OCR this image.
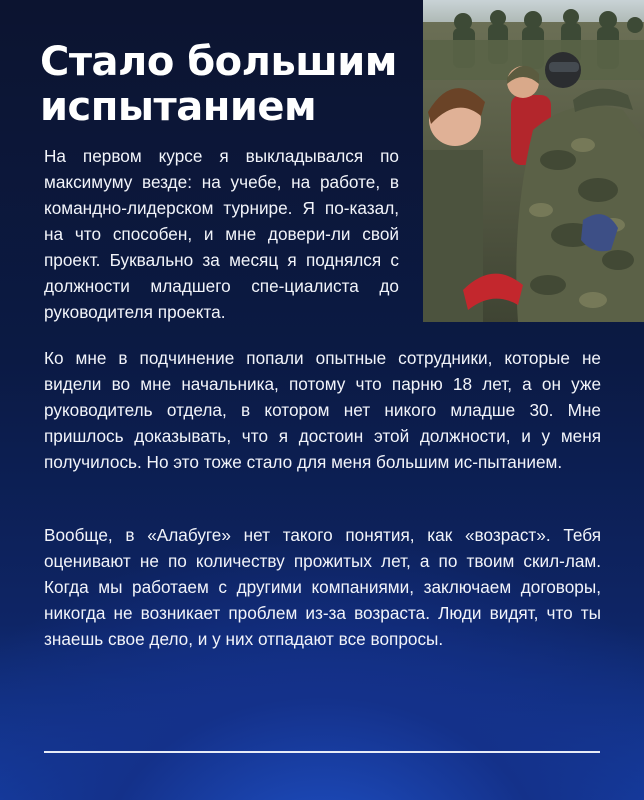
Стало большим испытанием

На первом курсе я выкладывался по максимуму везде: на учебе, на работе, в командно-лидерском турнире. Я по-казал, на что способен, и мне довери-ли свой проект. Буквально за месяц я поднялся с должности младшего спе-циалиста до руководителя проекта.

Ко мне в подчинение попали опытные сотрудники, которые не видели во мне начальника, потому что парню 18 лет, а он уже руководитель отдела, в котором нет никого младше 30. Мне пришлось доказывать, что я достоин этой должности, и у меня получилось. Но это тоже стало для меня большим ис-пытанием.

Вообще, в «Алабуге» нет такого понятия, как «возраст». Тебя оценивают не по количеству прожитых лет, а по твоим скил-лам. Когда мы работаем с другими компаниями, заключаем договоры, никогда не возникает проблем из-за возраста. Люди видят, что ты знаешь свое дело, и у них отпадают все вопросы.
